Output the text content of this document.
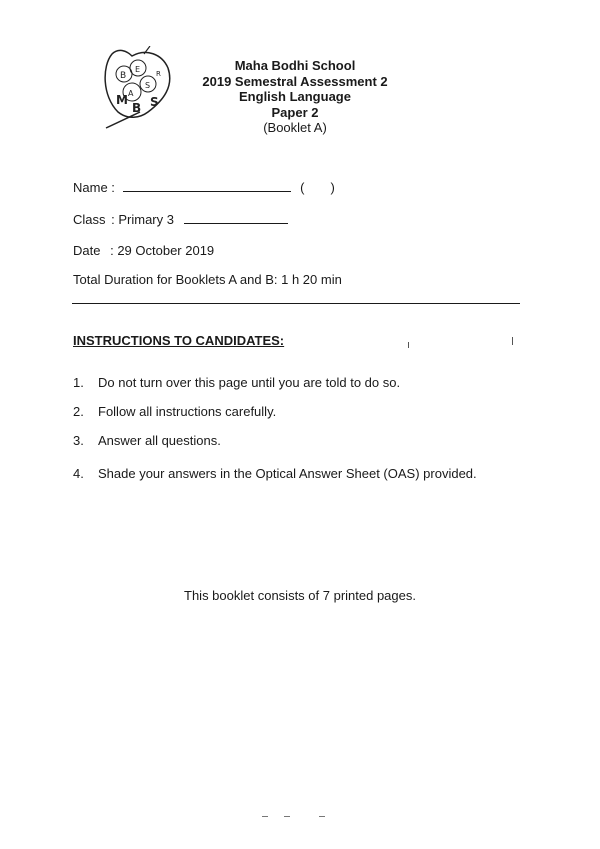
B
E
S
R
A
M
B S
Maha Bodhi School
2019 Semestral Assessment 2
English Language
Paper 2
(Booklet A)
Name :	( )
Class : Primary 3
Date : 29 October 2019
Total Duration for Booklets A and B: 1 h 20 min
INSTRUCTIONS TO CANDIDATES:
1. Do not turn over this page until you are told to do so.
2. Follow all instructions carefully.
3. Answer all questions.
4. Shade your answers in the Optical Answer Sheet (OAS) provided.
This booklet consists of 7 printed pages.
